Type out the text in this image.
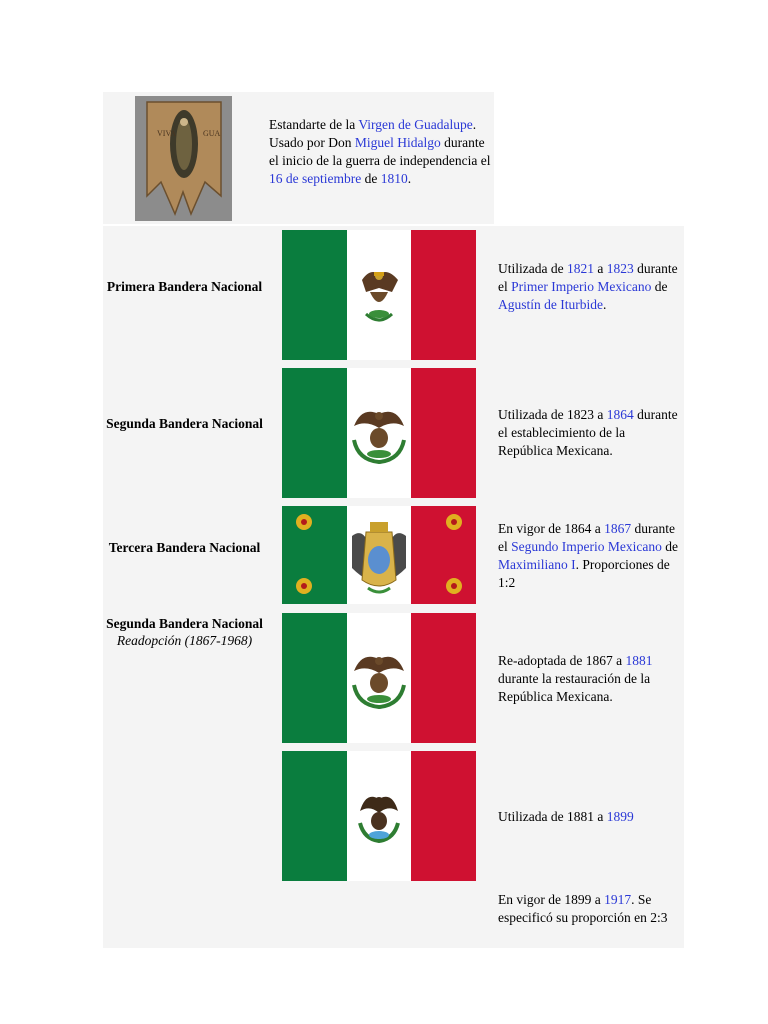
VIVA	GUA
Estandarte de la Virgen de Guadalupe. Usado por Don Miguel Hidalgo durante el inicio de la guerra de independencia el 16 de septiembre de 1810.
Primera Bandera Nacional
Utilizada de 1821 a 1823 durante el Primer Imperio Mexicano de Agustín de Iturbide.
Segunda Bandera Nacional
Utilizada de 1823 a 1864 durante el establecimiento de la República Mexicana.
Tercera Bandera Nacional
En vigor de 1864 a 1867 durante el Segundo Imperio Mexicano de Maximiliano I. Proporciones de 1:2
Segunda Bandera Nacional
Readopción (1867-1968)
Re-adoptada de 1867 a 1881 durante la restauración de la República Mexicana.
Utilizada de 1881 a 1899
En vigor de 1899 a 1917. Se especificó su proporción en 2:3
